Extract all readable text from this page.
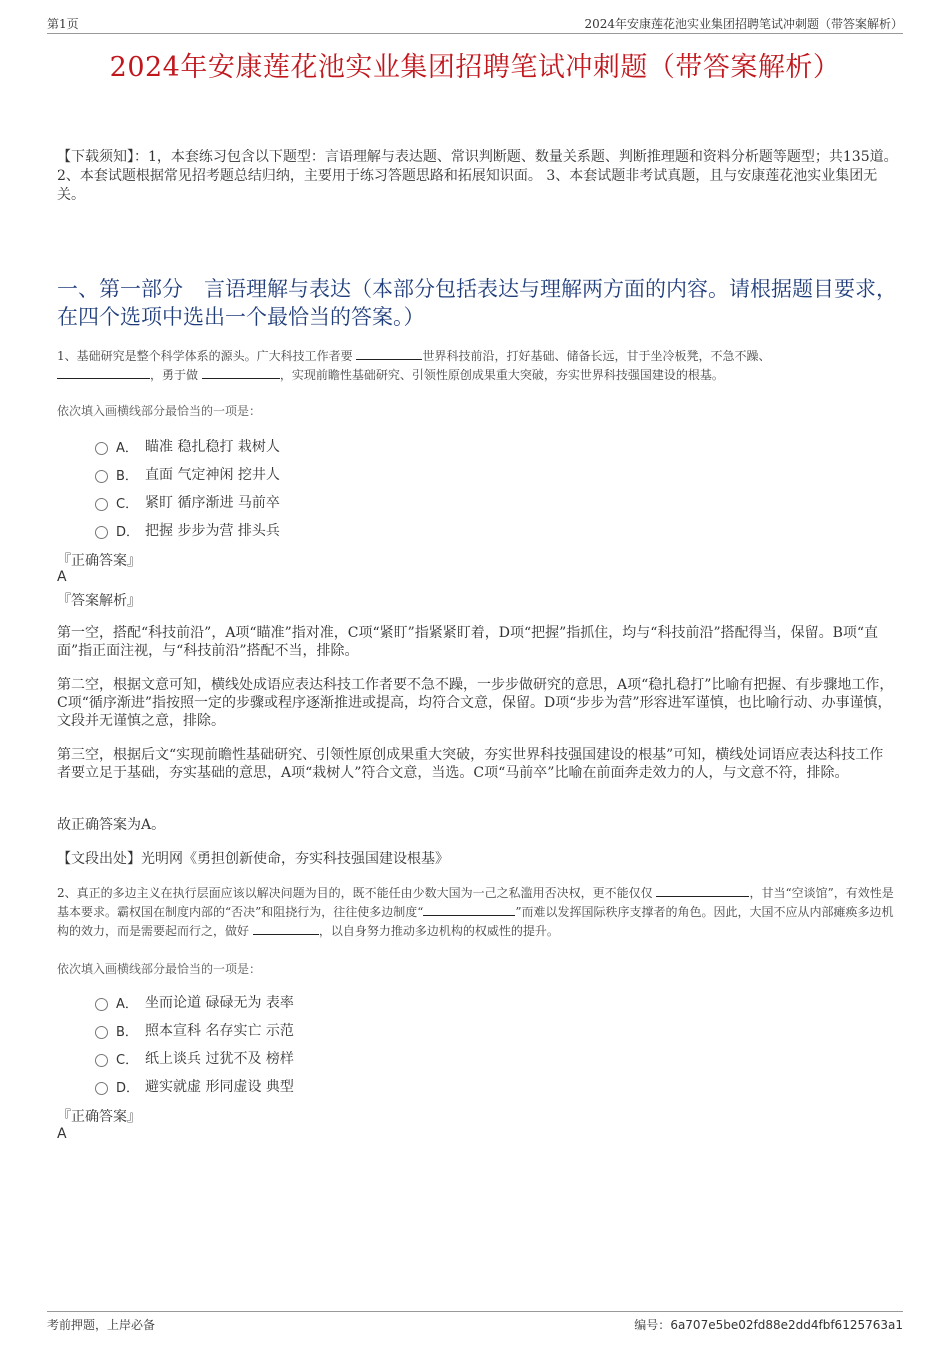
第1页	2024年安康莲花池实业集团招聘笔试冲刺题（带答案解析）
2024年安康莲花池实业集团招聘笔试冲刺题（带答案解析）

【下载须知】：1，本套练习包含以下题型：言语理解与表达题、常识判断题、数量关系题、判断推理题和资料分析题等题型；共135道。 2、本套试题根据常见招考题总结归纳，主要用于练习答题思路和拓展知识面。 3、本套试题非考试真题，且与安康莲花池实业集团无关。

一、第一部分　言语理解与表达（本部分包括表达与理解两方面的内容。请根据题目要求，在四个选项中选出一个最恰当的答案。）

1、基础研究是整个科学体系的源头。广大科技工作者要	世界科技前沿，打好基础、储备长远，甘于坐冷板凳，不急不躁、
，勇于做	，实现前瞻性基础研究、引领性原创成果重大突破，夯实世界科技强国建设的根基。

依次填入画横线部分最恰当的一项是：

A． 瞄准 稳扎稳打 栽树人
B． 直面 气定神闲 挖井人
C． 紧盯 循序渐进 马前卒
D． 把握 步步为营 排头兵

『正确答案』

A

『答案解析』

第一空，搭配“科技前沿”，A项“瞄准”指对准，C项“紧盯”指紧紧盯着，D项“把握”指抓住，均与“科技前沿”搭配得当，保留。B项“直面”指正面注视，与“科技前沿”搭配不当，排除。

第二空，根据文意可知，横线处成语应表达科技工作者要不急不躁，一步步做研究的意思，A项“稳扎稳打”比喻有把握、有步骤地工作，C项“循序渐进”指按照一定的步骤或程序逐渐推进或提高，均符合文意，保留。D项“步步为营”形容进军谨慎，也比喻行动、办事谨慎，文段并无谨慎之意，排除。

第三空，根据后文“实现前瞻性基础研究、引领性原创成果重大突破，夯实世界科技强国建设的根基”可知，横线处词语应表达科技工作者要立足于基础，夯实基础的意思，A项“栽树人”符合文意，当选。C项“马前卒”比喻在前面奔走效力的人，与文意不符，排除。

故正确答案为A。

【文段出处】光明网《勇担创新使命，夯实科技强国建设根基》

2、真正的多边主义在执行层面应该以解决问题为目的，既不能任由少数大国为一己之私滥用否决权，更不能仅仅	，甘当“空谈馆”，有效性是基本要求。霸权国在制度内部的“否决”和阻挠行为，往往使多边制度“	”而难以发挥国际秩序支撑者的角色。因此，大国不应从内部瘫痪多边机构的效力，而是需要起而行之，做好	，以自身努力推动多边机构的权威性的提升。

依次填入画横线部分最恰当的一项是：

A． 坐而论道 碌碌无为 表率
B． 照本宣科 名存实亡 示范
C． 纸上谈兵 过犹不及 榜样
D． 避实就虚 形同虚设 典型

『正确答案』

A

考前押题，上岸必备	编号：6a707e5be02fd88e2dd4fbf6125763a1
